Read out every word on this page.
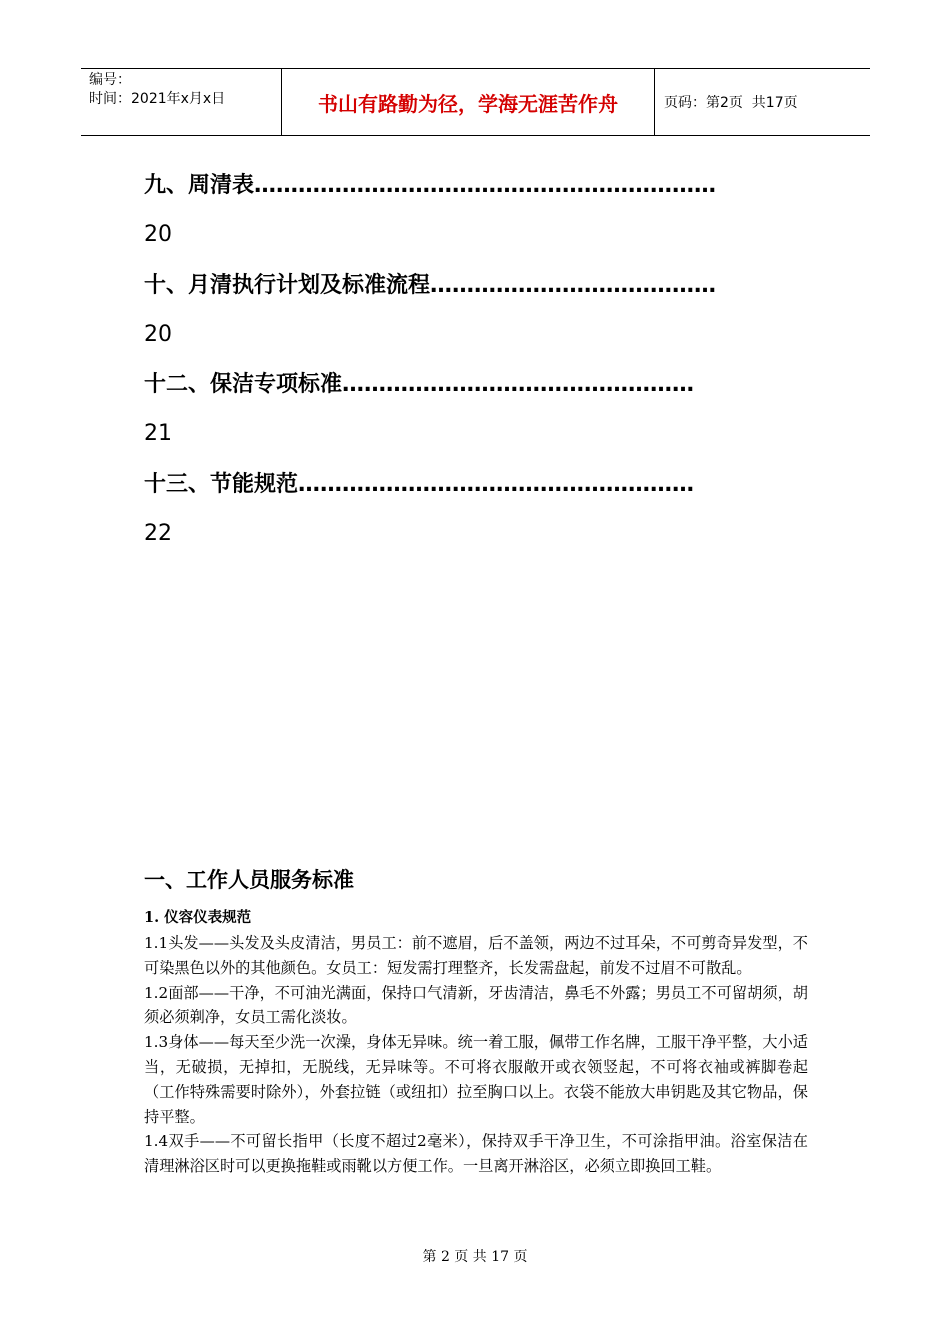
编号：
时间：2021年x月x日	书山有路勤为径，学海无涯苦作舟	页码：第2页  共17页
九、周清表………………………………………………………
20
十、月清执行计划及标准流程…………………………………
20
十二、保洁专项标准…………………………………………
21
十三、节能规范………………………………………………
22
一、工作人员服务标准
1. 仪容仪表规范

1.1头发——头发及头皮清洁，男员工：前不遮眉，后不盖领，两边不过耳朵，不可剪奇异发型，不可染黑色以外的其他颜色。女员工：短发需打理整齐，长发需盘起，前发不过眉不可散乱。

1.2面部——干净，不可油光满面，保持口气清新，牙齿清洁，鼻毛不外露；男员工不可留胡须，胡须必须剃净，女员工需化淡妆。

1.3身体——每天至少洗一次澡，身体无异味。统一着工服，佩带工作名牌，工服干净平整，大小适当，无破损，无掉扣，无脱线，无异味等。不可将衣服敞开或衣领竖起，不可将衣袖或裤脚卷起（工作特殊需要时除外），外套拉链（或纽扣）拉至胸口以上。衣袋不能放大串钥匙及其它物品，保持平整。

1.4双手——不可留长指甲（长度不超过2毫米），保持双手干净卫生，不可涂指甲油。浴室保洁在清理淋浴区时可以更换拖鞋或雨靴以方便工作。一旦离开淋浴区，必须立即换回工鞋。

第 2 页 共 17 页
